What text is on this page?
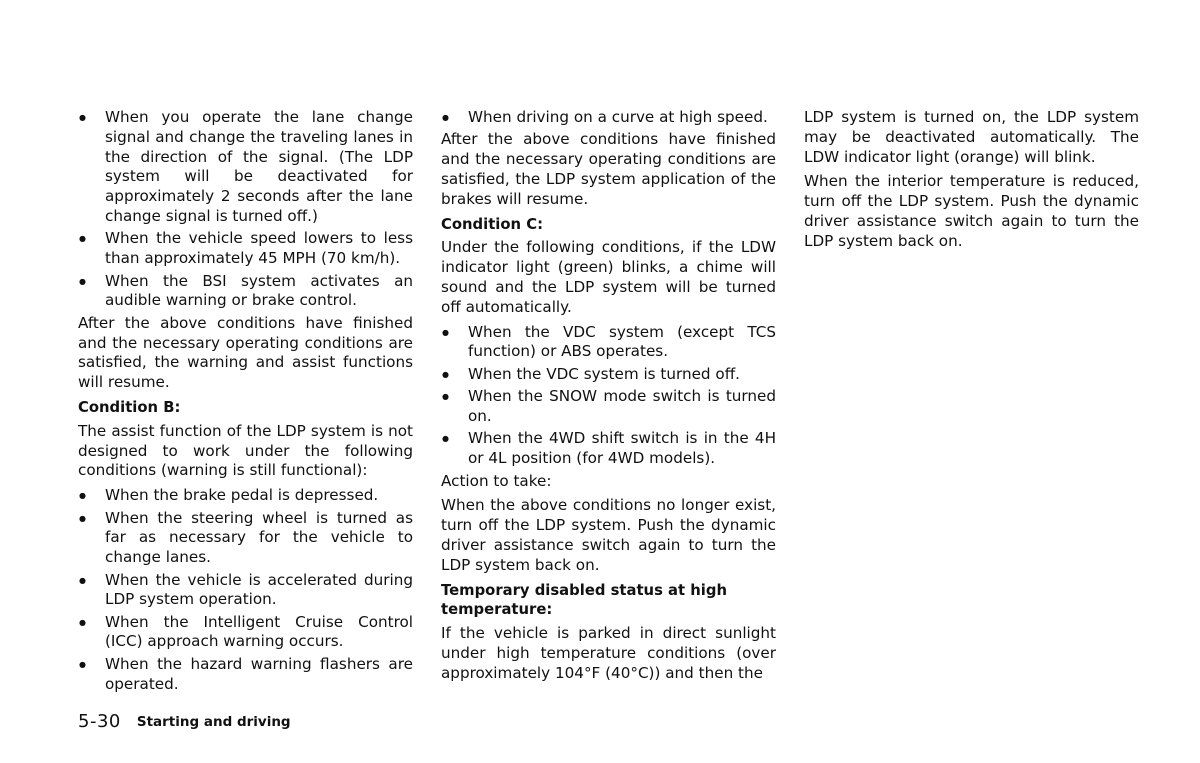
● When you operate the lane change signal and change the traveling lanes in the direction of the signal. (The LDP system will be deactivated for approximately 2 seconds after the lane change signal is turned off.)
● When the vehicle speed lowers to less than approximately 45 MPH (70 km/h).
● When the BSI system activates an audible warning or brake control.

After the above conditions have finished and the necessary operating conditions are satisfied, the warning and assist functions will resume.

Condition B:

The assist function of the LDP system is not designed to work under the following conditions (warning is still functional):

● When the brake pedal is depressed.
● When the steering wheel is turned as far as necessary for the vehicle to change lanes.
● When the vehicle is accelerated during LDP system operation.
● When the Intelligent Cruise Control (ICC) approach warning occurs.
● When the hazard warning flashers are operated.
● When driving on a curve at high speed.

After the above conditions have finished and the necessary operating conditions are satisfied, the LDP system application of the brakes will resume.

Condition C:

Under the following conditions, if the LDW indicator light (green) blinks, a chime will sound and the LDP system will be turned off automatically.

● When the VDC system (except TCS function) or ABS operates.
● When the VDC system is turned off.
● When the SNOW mode switch is turned on.
● When the 4WD shift switch is in the 4H or 4L position (for 4WD models).

Action to take:

When the above conditions no longer exist, turn off the LDP system. Push the dynamic driver assistance switch again to turn the LDP system back on.

Temporary disabled status at high temperature:

If the vehicle is parked in direct sunlight under high temperature conditions (over approximately 104°F (40°C)) and then the

LDP system is turned on, the LDP system may be deactivated automatically. The LDW indicator light (orange) will blink.

When the interior temperature is reduced, turn off the LDP system. Push the dynamic driver assistance switch again to turn the LDP system back on.

5-30 Starting and driving
